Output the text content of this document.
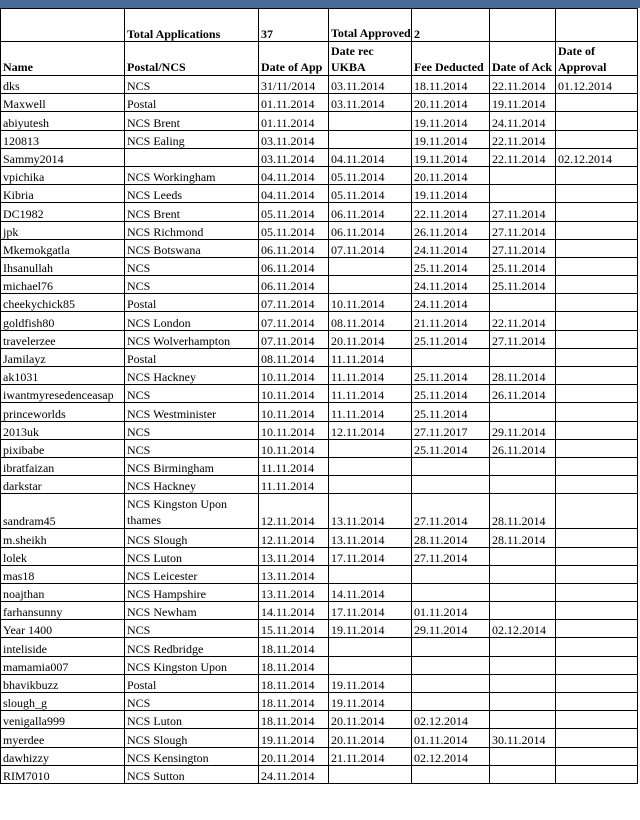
	Total Applications	37	Total Approved	2		
Name	Postal/NCS	Date of App	Date rec UKBA	Fee Deducted	Date of Ack	Date of Approval
dks	NCS	31/11/2014	03.11.2014	18.11.2014	22.11.2014	01.12.2014
Maxwell	Postal	01.11.2014	03.11.2014	20.11.2014	19.11.2014	
abiyutesh	NCS Brent	01.11.2014		19.11.2014	24.11.2014	
120813	NCS Ealing	03.11.2014		19.11.2014	22.11.2014	
Sammy2014		03.11.2014	04.11.2014	19.11.2014	22.11.2014	02.12.2014
vpichika	NCS Workingham	04.11.2014	05.11.2014	20.11.2014		
Kibria	NCS Leeds	04.11.2014	05.11.2014	19.11.2014		
DC1982	NCS Brent	05.11.2014	06.11.2014	22.11.2014	27.11.2014	
jpk	NCS Richmond	05.11.2014	06.11.2014	26.11.2014	27.11.2014	
Mkemokgatla	NCS Botswana	06.11.2014	07.11.2014	24.11.2014	27.11.2014	
Ihsanullah	NCS	06.11.2014		25.11.2014	25.11.2014	
michael76	NCS	06.11.2014		24.11.2014	25.11.2014	
cheekychick85	Postal	07.11.2014	10.11.2014	24.11.2014		
goldfish80	NCS London	07.11.2014	08.11.2014	21.11.2014	22.11.2014	
travelerzee	NCS Wolverhampton	07.11.2014	20.11.2014	25.11.2014	27.11.2014	
Jamilayz	Postal	08.11.2014	11.11.2014			
ak1031	NCS Hackney	10.11.2014	11.11.2014	25.11.2014	28.11.2014	
iwantmyresedenceasap	NCS	10.11.2014	11.11.2014	25.11.2014	26.11.2014	
princeworlds	NCS Westminister	10.11.2014	11.11.2014	25.11.2014		
2013uk	NCS	10.11.2014	12.11.2014	27.11.2017	29.11.2014	
pixibabe	NCS	10.11.2014		25.11.2014	26.11.2014	
ibratfaizan	NCS Birmingham	11.11.2014				
darkstar	NCS Hackney	11.11.2014				
sandram45	NCS Kingston Upon thames	12.11.2014	13.11.2014	27.11.2014	28.11.2014	
m.sheikh	NCS Slough	12.11.2014	13.11.2014	28.11.2014	28.11.2014	
lolek	NCS Luton	13.11.2014	17.11.2014	27.11.2014		
mas18	NCS Leicester	13.11.2014				
noajthan	NCS Hampshire	13.11.2014	14.11.2014			
farhansunny	NCS Newham	14.11.2014	17.11.2014	01.11.2014		
Year 1400	NCS	15.11.2014	19.11.2014	29.11.2014	02.12.2014	
inteliside	NCS Redbridge	18.11.2014				
mamamia007	NCS Kingston Upon	18.11.2014				
bhavikbuzz	Postal	18.11.2014	19.11.2014			
slough_g	NCS	18.11.2014	19.11.2014			
venigalla999	NCS Luton	18.11.2014	20.11.2014	02.12.2014		
myerdee	NCS Slough	19.11.2014	20.11.2014	01.11.2014	30.11.2014	
dawhizzy	NCS Kensington	20.11.2014	21.11.2014	02.12.2014		
RIM7010	NCS Sutton	24.11.2014				
